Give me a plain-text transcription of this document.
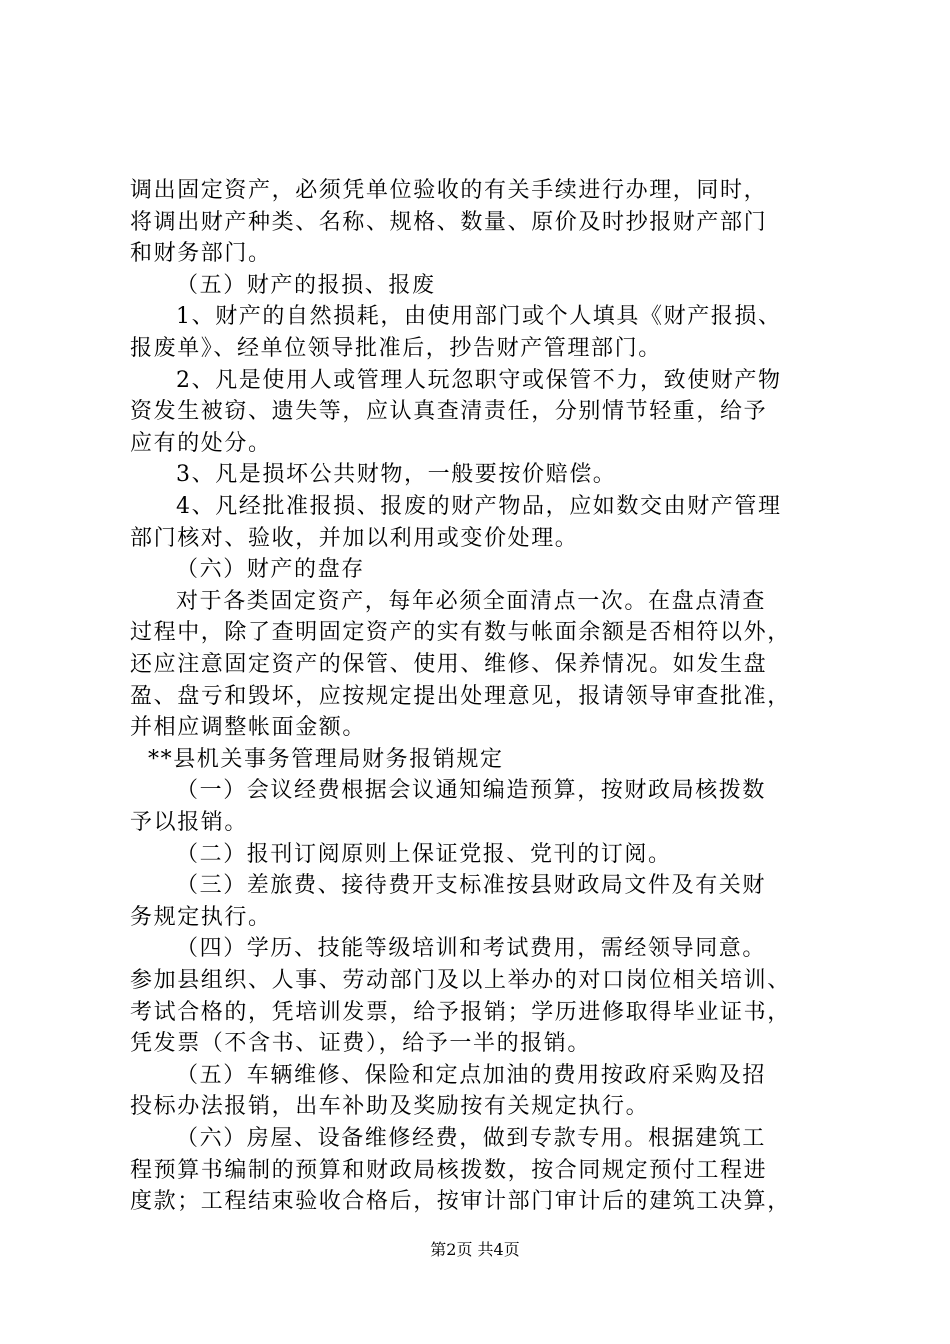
调出固定资产，必须凭单位验收的有关手续进行办理，同时，
将调出财产种类、名称、规格、数量、原价及时抄报财产部门
和财务部门。
（五）财产的报损、报废
1、财产的自然损耗，由使用部门或个人填具《财产报损、
报废单》、经单位领导批准后，抄告财产管理部门。
2、凡是使用人或管理人玩忽职守或保管不力，致使财产物
资发生被窃、遗失等，应认真查清责任，分别情节轻重，给予
应有的处分。
3、凡是损坏公共财物，一般要按价赔偿。
4、凡经批准报损、报废的财产物品，应如数交由财产管理
部门核对、验收，并加以利用或变价处理。
（六）财产的盘存
对于各类固定资产，每年必须全面清点一次。在盘点清查
过程中，除了查明固定资产的实有数与帐面余额是否相符以外，
还应注意固定资产的保管、使用、维修、保养情况。如发生盘
盈、盘亏和毁坏，应按规定提出处理意见，报请领导审查批准，
并相应调整帐面金额。
**县机关事务管理局财务报销规定
（一）会议经费根据会议通知编造预算，按财政局核拨数
予以报销。
（二）报刊订阅原则上保证党报、党刊的订阅。
（三）差旅费、接待费开支标准按县财政局文件及有关财
务规定执行。
（四）学历、技能等级培训和考试费用，需经领导同意。
参加县组织、人事、劳动部门及以上举办的对口岗位相关培训、
考试合格的，凭培训发票，给予报销；学历进修取得毕业证书，
凭发票（不含书、证费），给予一半的报销。
（五）车辆维修、保险和定点加油的费用按政府采购及招
投标办法报销，出车补助及奖励按有关规定执行。
（六）房屋、设备维修经费，做到专款专用。根据建筑工
程预算书编制的预算和财政局核拨数，按合同规定预付工程进
度款；工程结束验收合格后，按审计部门审计后的建筑工决算，
第2页 共4页
